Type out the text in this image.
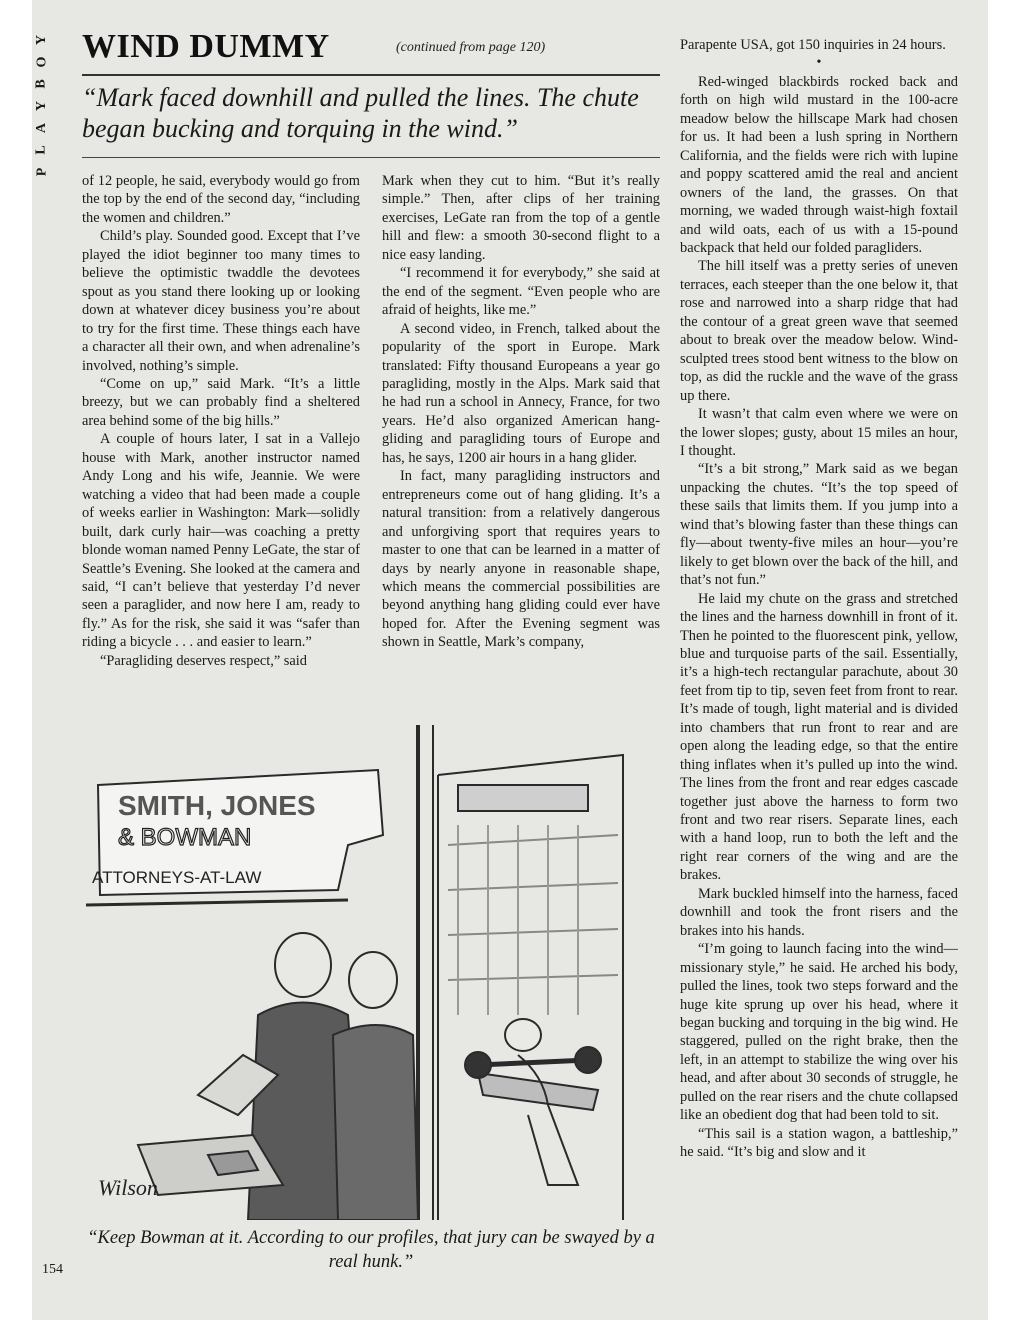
Y
O
B
Y
A
L
P
WIND DUMMY	(continued from page 120)
“Mark faced downhill and pulled the lines. The chute began bucking and torquing in the wind.”

of 12 people, he said, everybody would go from the top by the end of the second day, “including the women and children.”

Child’s play. Sounded good. Except that I’ve played the idiot beginner too many times to believe the optimistic twaddle the devotees spout as you stand there looking up or looking down at whatever dicey business you’re about to try for the first time. These things each have a character all their own, and when adrenaline’s involved, nothing’s simple.

“Come on up,” said Mark. “It’s a little breezy, but we can probably find a sheltered area behind some of the big hills.”

A couple of hours later, I sat in a Vallejo house with Mark, another instructor named Andy Long and his wife, Jeannie. We were watching a video that had been made a couple of weeks earlier in Washington: Mark—solidly built, dark curly hair—was coaching a pretty blonde woman named Penny LeGate, the star of Seattle’s Evening. She looked at the camera and said, “I can’t believe that yesterday I’d never seen a paraglider, and now here I am, ready to fly.” As for the risk, she said it was “safer than riding a bicycle . . . and easier to learn.”

“Paragliding deserves respect,” said

Mark when they cut to him. “But it’s really simple.” Then, after clips of her training exercises, LeGate ran from the top of a gentle hill and flew: a smooth 30-second flight to a nice easy landing.

“I recommend it for everybody,” she said at the end of the segment. “Even people who are afraid of heights, like me.”

A second video, in French, talked about the popularity of the sport in Europe. Mark translated: Fifty thousand Europeans a year go paragliding, mostly in the Alps. Mark said that he had run a school in Annecy, France, for two years. He’d also organized American hang-gliding and paragliding tours of Europe and has, he says, 1200 air hours in a hang glider.

In fact, many paragliding instructors and entrepreneurs come out of hang gliding. It’s a natural transition: from a relatively dangerous and unforgiving sport that requires years to master to one that can be learned in a matter of days by nearly anyone in reasonable shape, which means the commercial possibilities are beyond anything hang gliding could ever have hoped for. After the Evening segment was shown in Seattle, Mark’s company,

Parapente USA, got 150 inquiries in 24 hours.

•

Red-winged blackbirds rocked back and forth on high wild mustard in the 100-acre meadow below the hillscape Mark had chosen for us. It had been a lush spring in Northern California, and the fields were rich with lupine and poppy scattered amid the real and ancient owners of the land, the grasses. On that morning, we waded through waist-high foxtail and wild oats, each of us with a 15-pound backpack that held our folded paragliders.

The hill itself was a pretty series of uneven terraces, each steeper than the one below it, that rose and narrowed into a sharp ridge that had the contour of a great green wave that seemed about to break over the meadow below. Wind-sculpted trees stood bent witness to the blow on top, as did the ruckle and the wave of the grass up there.

It wasn’t that calm even where we were on the lower slopes; gusty, about 15 miles an hour, I thought.

“It’s a bit strong,” Mark said as we began unpacking the chutes. “It’s the top speed of these sails that limits them. If you jump into a wind that’s blowing faster than these things can fly—about twenty-five miles an hour—you’re likely to get blown over the back of the hill, and that’s not fun.”

He laid my chute on the grass and stretched the lines and the harness downhill in front of it. Then he pointed to the fluorescent pink, yellow, blue and turquoise parts of the sail. Essentially, it’s a high-tech rectangular parachute, about 30 feet from tip to tip, seven feet from front to rear. It’s made of tough, light material and is divided into chambers that run front to rear and are open along the leading edge, so that the entire thing inflates when it’s pulled up into the wind. The lines from the front and rear edges cascade together just above the harness to form two front and two rear risers. Separate lines, each with a hand loop, run to both the left and the right rear corners of the wing and are the brakes.

Mark buckled himself into the harness, faced downhill and took the front risers and the brakes into his hands.

“I’m going to launch facing into the wind—missionary style,” he said. He arched his body, pulled the lines, took two steps forward and the huge kite sprung up over his head, where it began bucking and torquing in the big wind. He staggered, pulled on the right brake, then the left, in an attempt to stabilize the wing over his head, and after about 30 seconds of struggle, he pulled on the rear risers and the chute collapsed like an obedient dog that had been told to sit.

“This sail is a station wagon, a battleship,” he said. “It’s big and slow and it

SMITH, JONES
& BOWMAN
ATTORNEYS-AT-LAW
Wilson
“Keep Bowman at it. According to our profiles, that jury can be swayed by a real hunk.”
154
